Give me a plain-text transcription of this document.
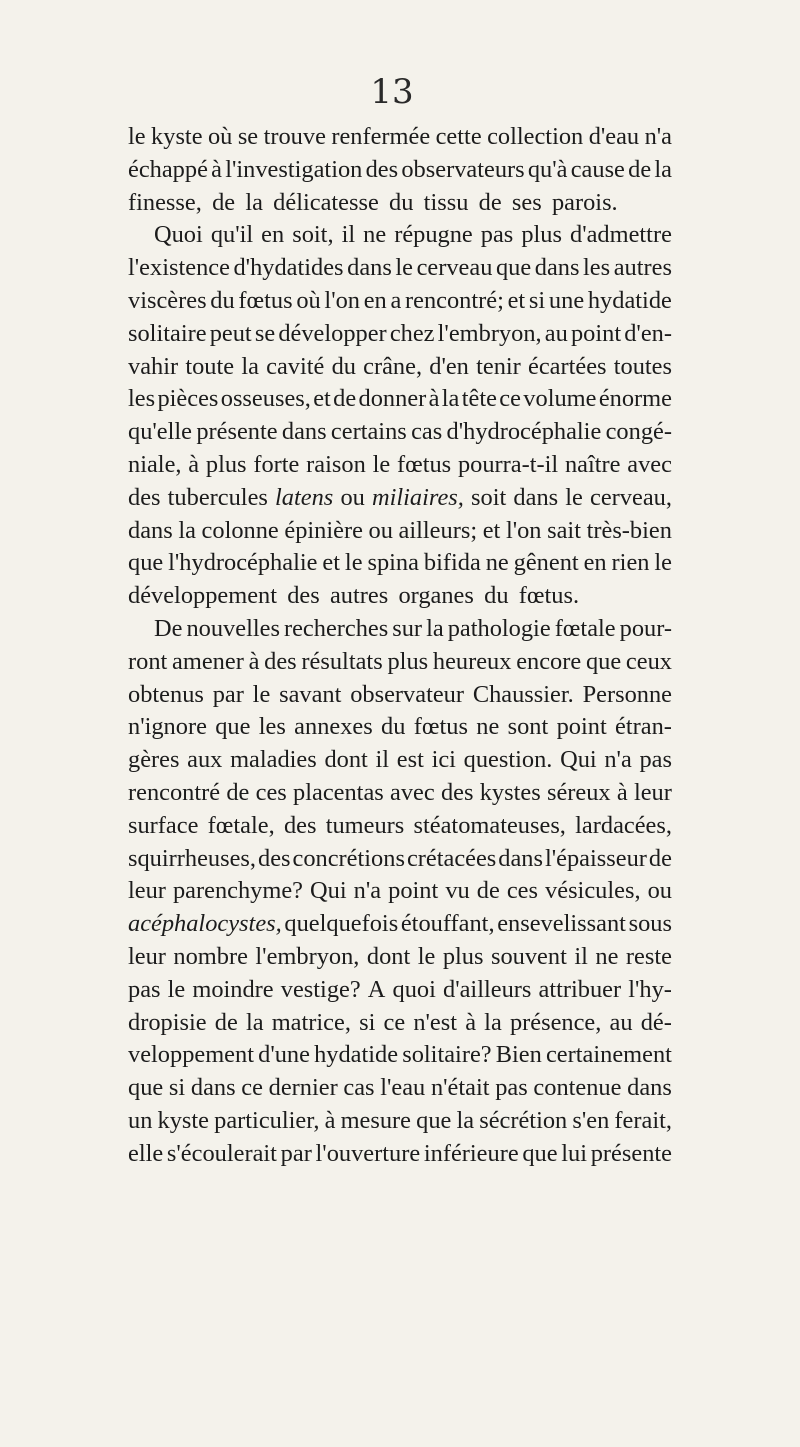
13
le kyste où se trouve renfermée cette collection d'eau n'a
échappé à l'investigation des observateurs qu'à cause de la
finesse, de la délicatesse du tissu de ses parois.
Quoi qu'il en soit, il ne répugne pas plus d'admettre
l'existence d'hydatides dans le cerveau que dans les autres
viscères du fœtus où l'on en a rencontré; et si une hydatide
solitaire peut se développer chez l'embryon, au point d'en-
vahir toute la cavité du crâne, d'en tenir écartées toutes
les pièces osseuses, et de donner à la tête ce volume énorme
qu'elle présente dans certains cas d'hydrocéphalie congé-
niale, à plus forte raison le fœtus pourra-t-il naître avec
des tubercules latens ou miliaires, soit dans le cerveau,
dans la colonne épinière ou ailleurs; et l'on sait très-bien
que l'hydrocéphalie et le spina bifida ne gênent en rien le
développement des autres organes du fœtus.
De nouvelles recherches sur la pathologie fœtale pour-
ront amener à des résultats plus heureux encore que ceux
obtenus par le savant observateur Chaussier. Personne
n'ignore que les annexes du fœtus ne sont point étran-
gères aux maladies dont il est ici question. Qui n'a pas
rencontré de ces placentas avec des kystes séreux à leur
surface fœtale, des tumeurs stéatomateuses, lardacées,
squirrheuses, des concrétions crétacées dans l'épaisseur de
leur parenchyme? Qui n'a point vu de ces vésicules, ou
acéphalocystes, quelquefois étouffant, ensevelissant sous
leur nombre l'embryon, dont le plus souvent il ne reste
pas le moindre vestige? A quoi d'ailleurs attribuer l'hy-
dropisie de la matrice, si ce n'est à la présence, au dé-
veloppement d'une hydatide solitaire? Bien certainement
que si dans ce dernier cas l'eau n'était pas contenue dans
un kyste particulier, à mesure que la sécrétion s'en ferait,
elle s'écoulerait par l'ouverture inférieure que lui présente
